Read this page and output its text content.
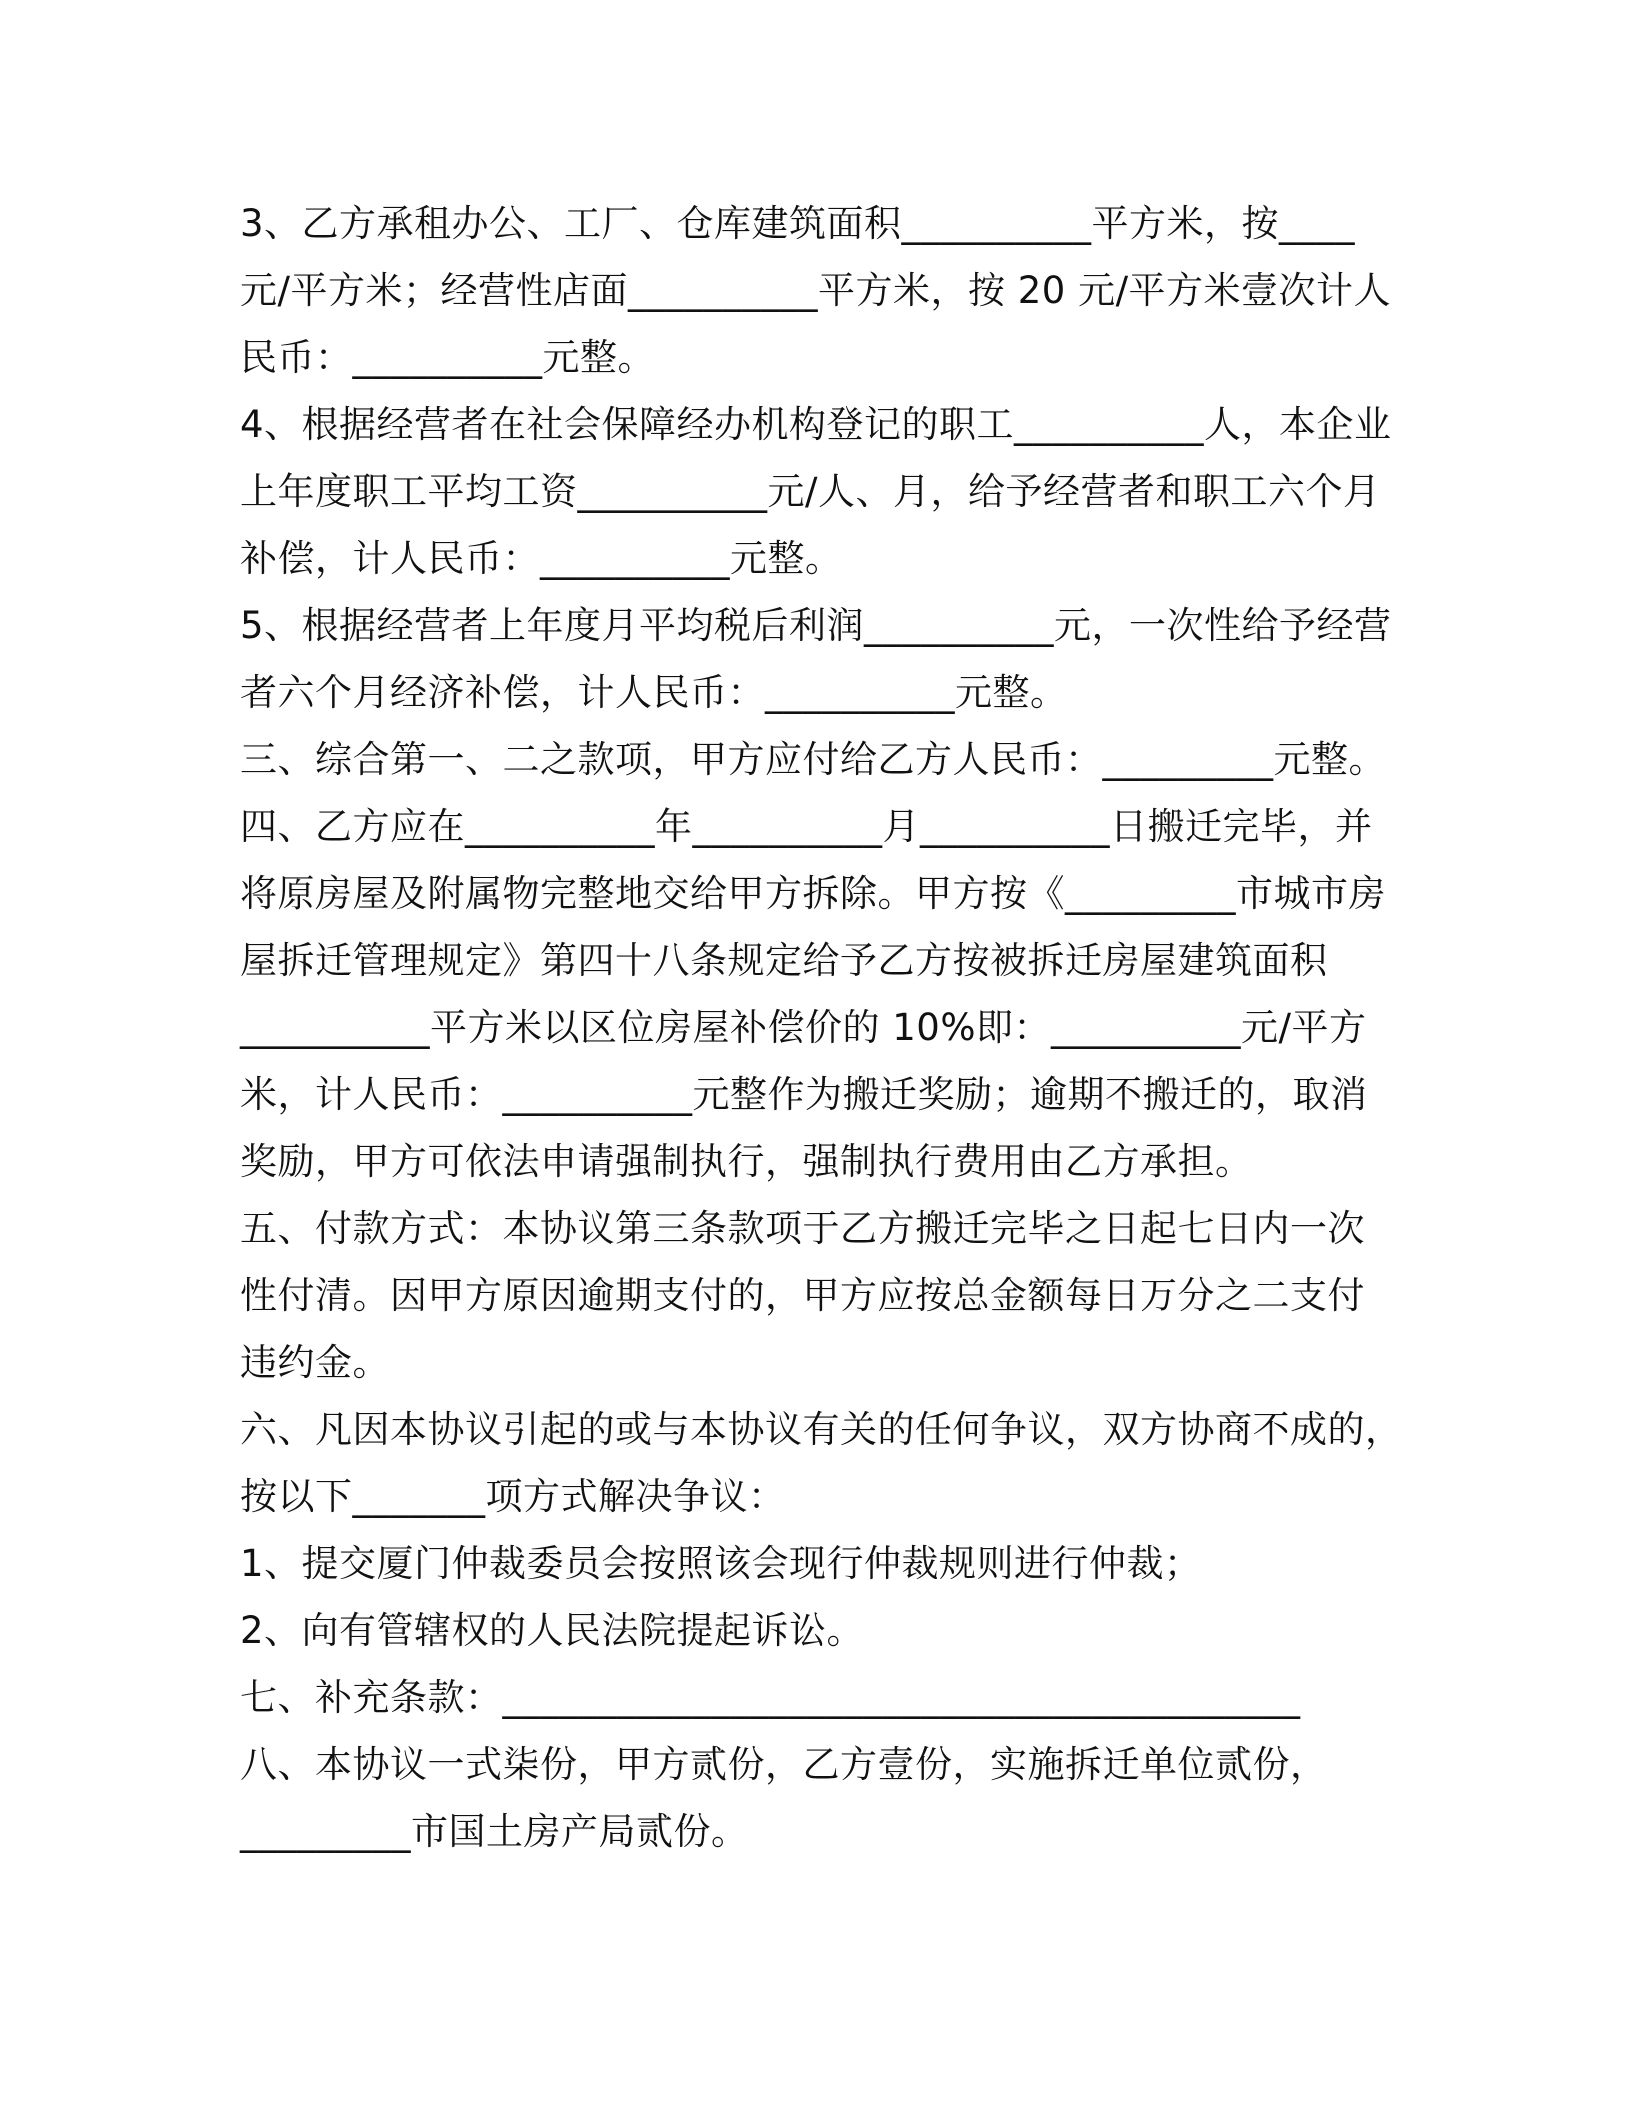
3、乙方承租办公、工厂、仓库建筑面积__________平方米，按____
元/平方米；经营性店面__________平方米，按 20 元/平方米壹次计人
民币：__________元整。
4、根据经营者在社会保障经办机构登记的职工__________人，本企业
上年度职工平均工资__________元/人、月，给予经营者和职工六个月
补偿，计人民币：__________元整。
5、根据经营者上年度月平均税后利润__________元，一次性给予经营
者六个月经济补偿，计人民币：__________元整。
三、综合第一、二之款项，甲方应付给乙方人民币：_________元整。
四、乙方应在__________年__________月__________日搬迁完毕，并
将原房屋及附属物完整地交给甲方拆除。甲方按《_________市城市房
屋拆迁管理规定》第四十八条规定给予乙方按被拆迁房屋建筑面积
__________平方米以区位房屋补偿价的 10%即：__________元/平方
米，计人民币：__________元整作为搬迁奖励；逾期不搬迁的，取消
奖励，甲方可依法申请强制执行，强制执行费用由乙方承担。
五、付款方式：本协议第三条款项于乙方搬迁完毕之日起七日内一次
性付清。因甲方原因逾期支付的，甲方应按总金额每日万分之二支付
违约金。
六、凡因本协议引起的或与本协议有关的任何争议，双方协商不成的，
按以下_______项方式解决争议：
1、提交厦门仲裁委员会按照该会现行仲裁规则进行仲裁；
2、向有管辖权的人民法院提起诉讼。
七、补充条款：__________________________________________
八、本协议一式柒份，甲方贰份，乙方壹份，实施拆迁单位贰份，
_________市国土房产局贰份。
